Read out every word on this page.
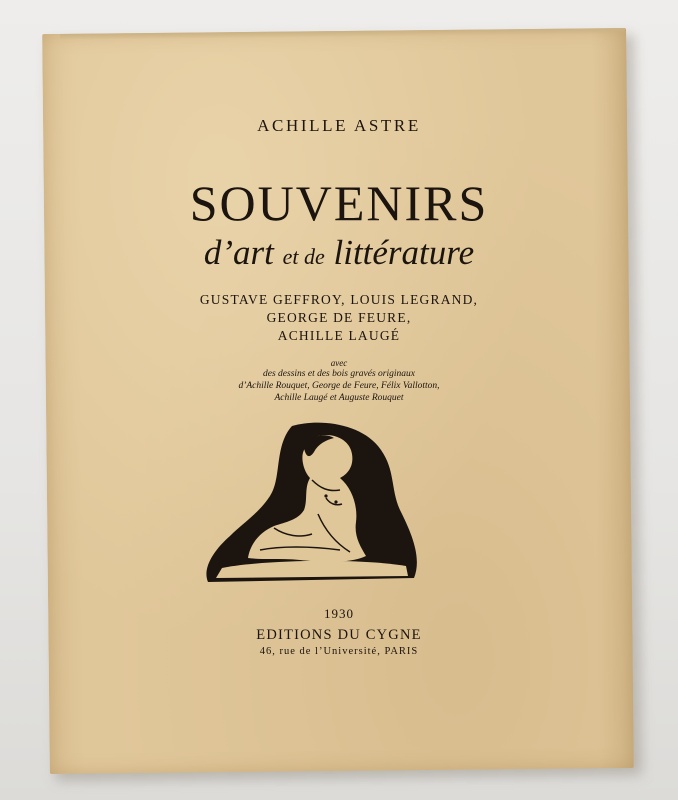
ACHILLE ASTRE
SOUVENIRS
d’art et de littérature
GUSTAVE GEFFROY, LOUIS LEGRAND,
GEORGE DE FEURE,
ACHILLE LAUGÉ
avec
des dessins et des bois gravés originaux
d’Achille Rouquet, George de Feure, Félix Vallotton,
Achille Laugé et Auguste Rouquet
1930
EDITIONS DU CYGNE
46, rue de l’Université, PARIS
